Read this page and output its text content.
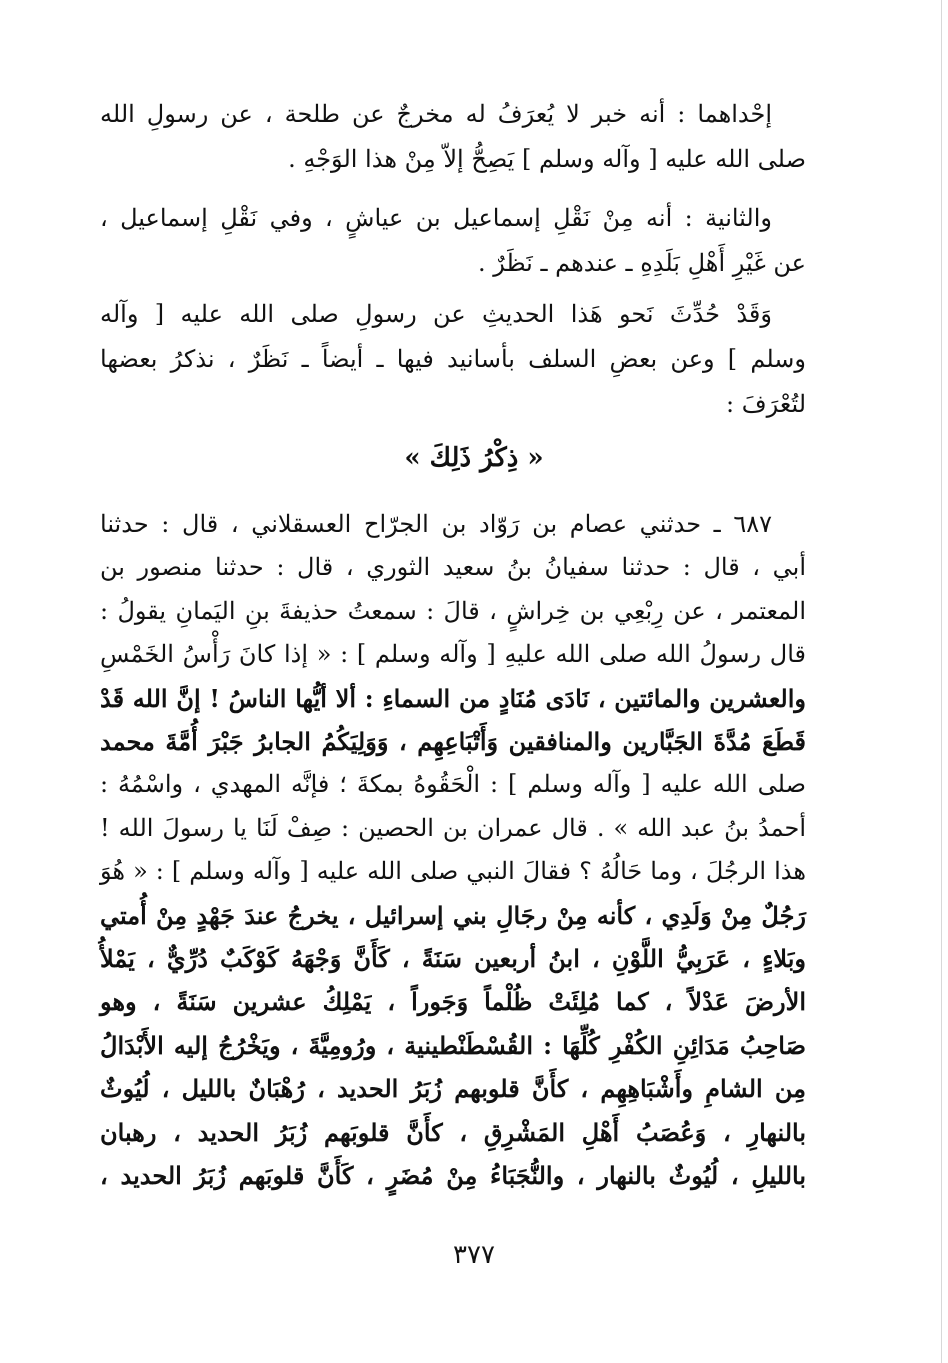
إحْداهما : أنه خبر لا يُعرَفُ له مخرجٌ عن طلحة ، عن رسولِ الله
صلى الله عليه [ وآله وسلم ] يَصِحُّ إلاّ مِنْ هذا الوَجْهِ .

والثانية : أنه مِنْ نَقْلِ إسماعيل بن عياشٍ ، وفي نَقْلِ إسماعيل ،
عن غَيْرِ أَهْلِ بَلَدِهِ ـ عندهم ـ نَظَرٌ .

وَقَدْ حُدِّثَ نَحو هَذا الحديثِ عن رسولِ صلى الله عليه [ وآله
وسلم ] وعن بعضِ السلف بأسانيد فيها ـ أيضاً ـ نَظَرٌ ، نذكرُ بعضها
لتُعْرَفَ :

« ذِكْرُ ذَلِكَ »
٦٨٧ ـ حدثني عصام بن رَوّاد بن الجرّاح العسقلاني ، قال : حدثنا
أبي ، قال : حدثنا سفيانُ بنُ سعيد الثوري ، قال : حدثنا منصور بن
المعتمر ، عن رِبْعِي بن خِراشٍ ، قالَ : سمعتُ حذيفةَ بنِ اليَمانِ يقولُ :
قال رسولُ الله صلى الله عليهِ [ وآله وسلم ] : « إذا كانَ رَأْسُ الخَمْسِ
والعشرين والمائتين ، نَادَى مُنَادٍ من السماءِ : ألا أيُّها الناسُ ! إنَّ الله قَدْ
قَطَعَ مُدَّةَ الجَبَّارين والمنافقين وَأَتْبَاعِهِم ، وَوَلِيَكُمُ الجابرُ جَبْرَ أُمَّةَ محمد
صلى الله عليه [ وآله وسلم ] : الْحَقُوهُ بمكةَ ؛ فإنَّه المهدي ، واسْمُهُ :
أحمدُ بنُ عبد الله » . قال عمران بن الحصين : صِفْ لَنَا يا رسولَ الله !
هذا الرجُلَ ، وما حَالُهُ ؟ فقالَ النبي صلى الله عليه [ وآله وسلم ] : « هُوَ
رَجُلٌ مِنْ وَلَدِي ، كأنه مِنْ رجَالِ بني إسرائيل ، يخرجُ عندَ جَهْدٍ مِنْ أُمتي
وبَلاءٍ ، عَرَبِيُّ اللَّوْنِ ، ابنُ أربعين سَنَةً ، كَأَنَّ وَجْهَهُ كَوْكَبٌ دُرِّيٌّ ، يَمْلأُ
الأرضَ عَدْلاً ، كما مُلِئَتْ ظُلْماً وَجَوراً ، يَمْلِكُ عشرين سَنَةً ، وهو
صَاحِبُ مَدَائِنِ الكُفْرِ كُلِّهَا : القُسْطَنْطينية ، ورُومِيَّةَ ، ويَخْرُجُ إليه الأَبْدَالُ
مِن الشامِ وأَشْبَاهِهِم ، كأَنَّ قلوبهم زُبَرُ الحديد ، رُهْبَانٌ بالليل ، لُيُوثٌ
بالنهارِ ، وَعُصَبُ أَهْلِ المَشْرِقِ ، كأَنَّ قلوبَهم زُبَرُ الحديد ، رهبان
بالليلِ ، لُيُوثٌ بالنهار ، والنُّجَبَاءُ مِنْ مُضَرٍ ، كَأَنَّ قلوبَهم زُبَرُ الحديد ،
٣٧٧
